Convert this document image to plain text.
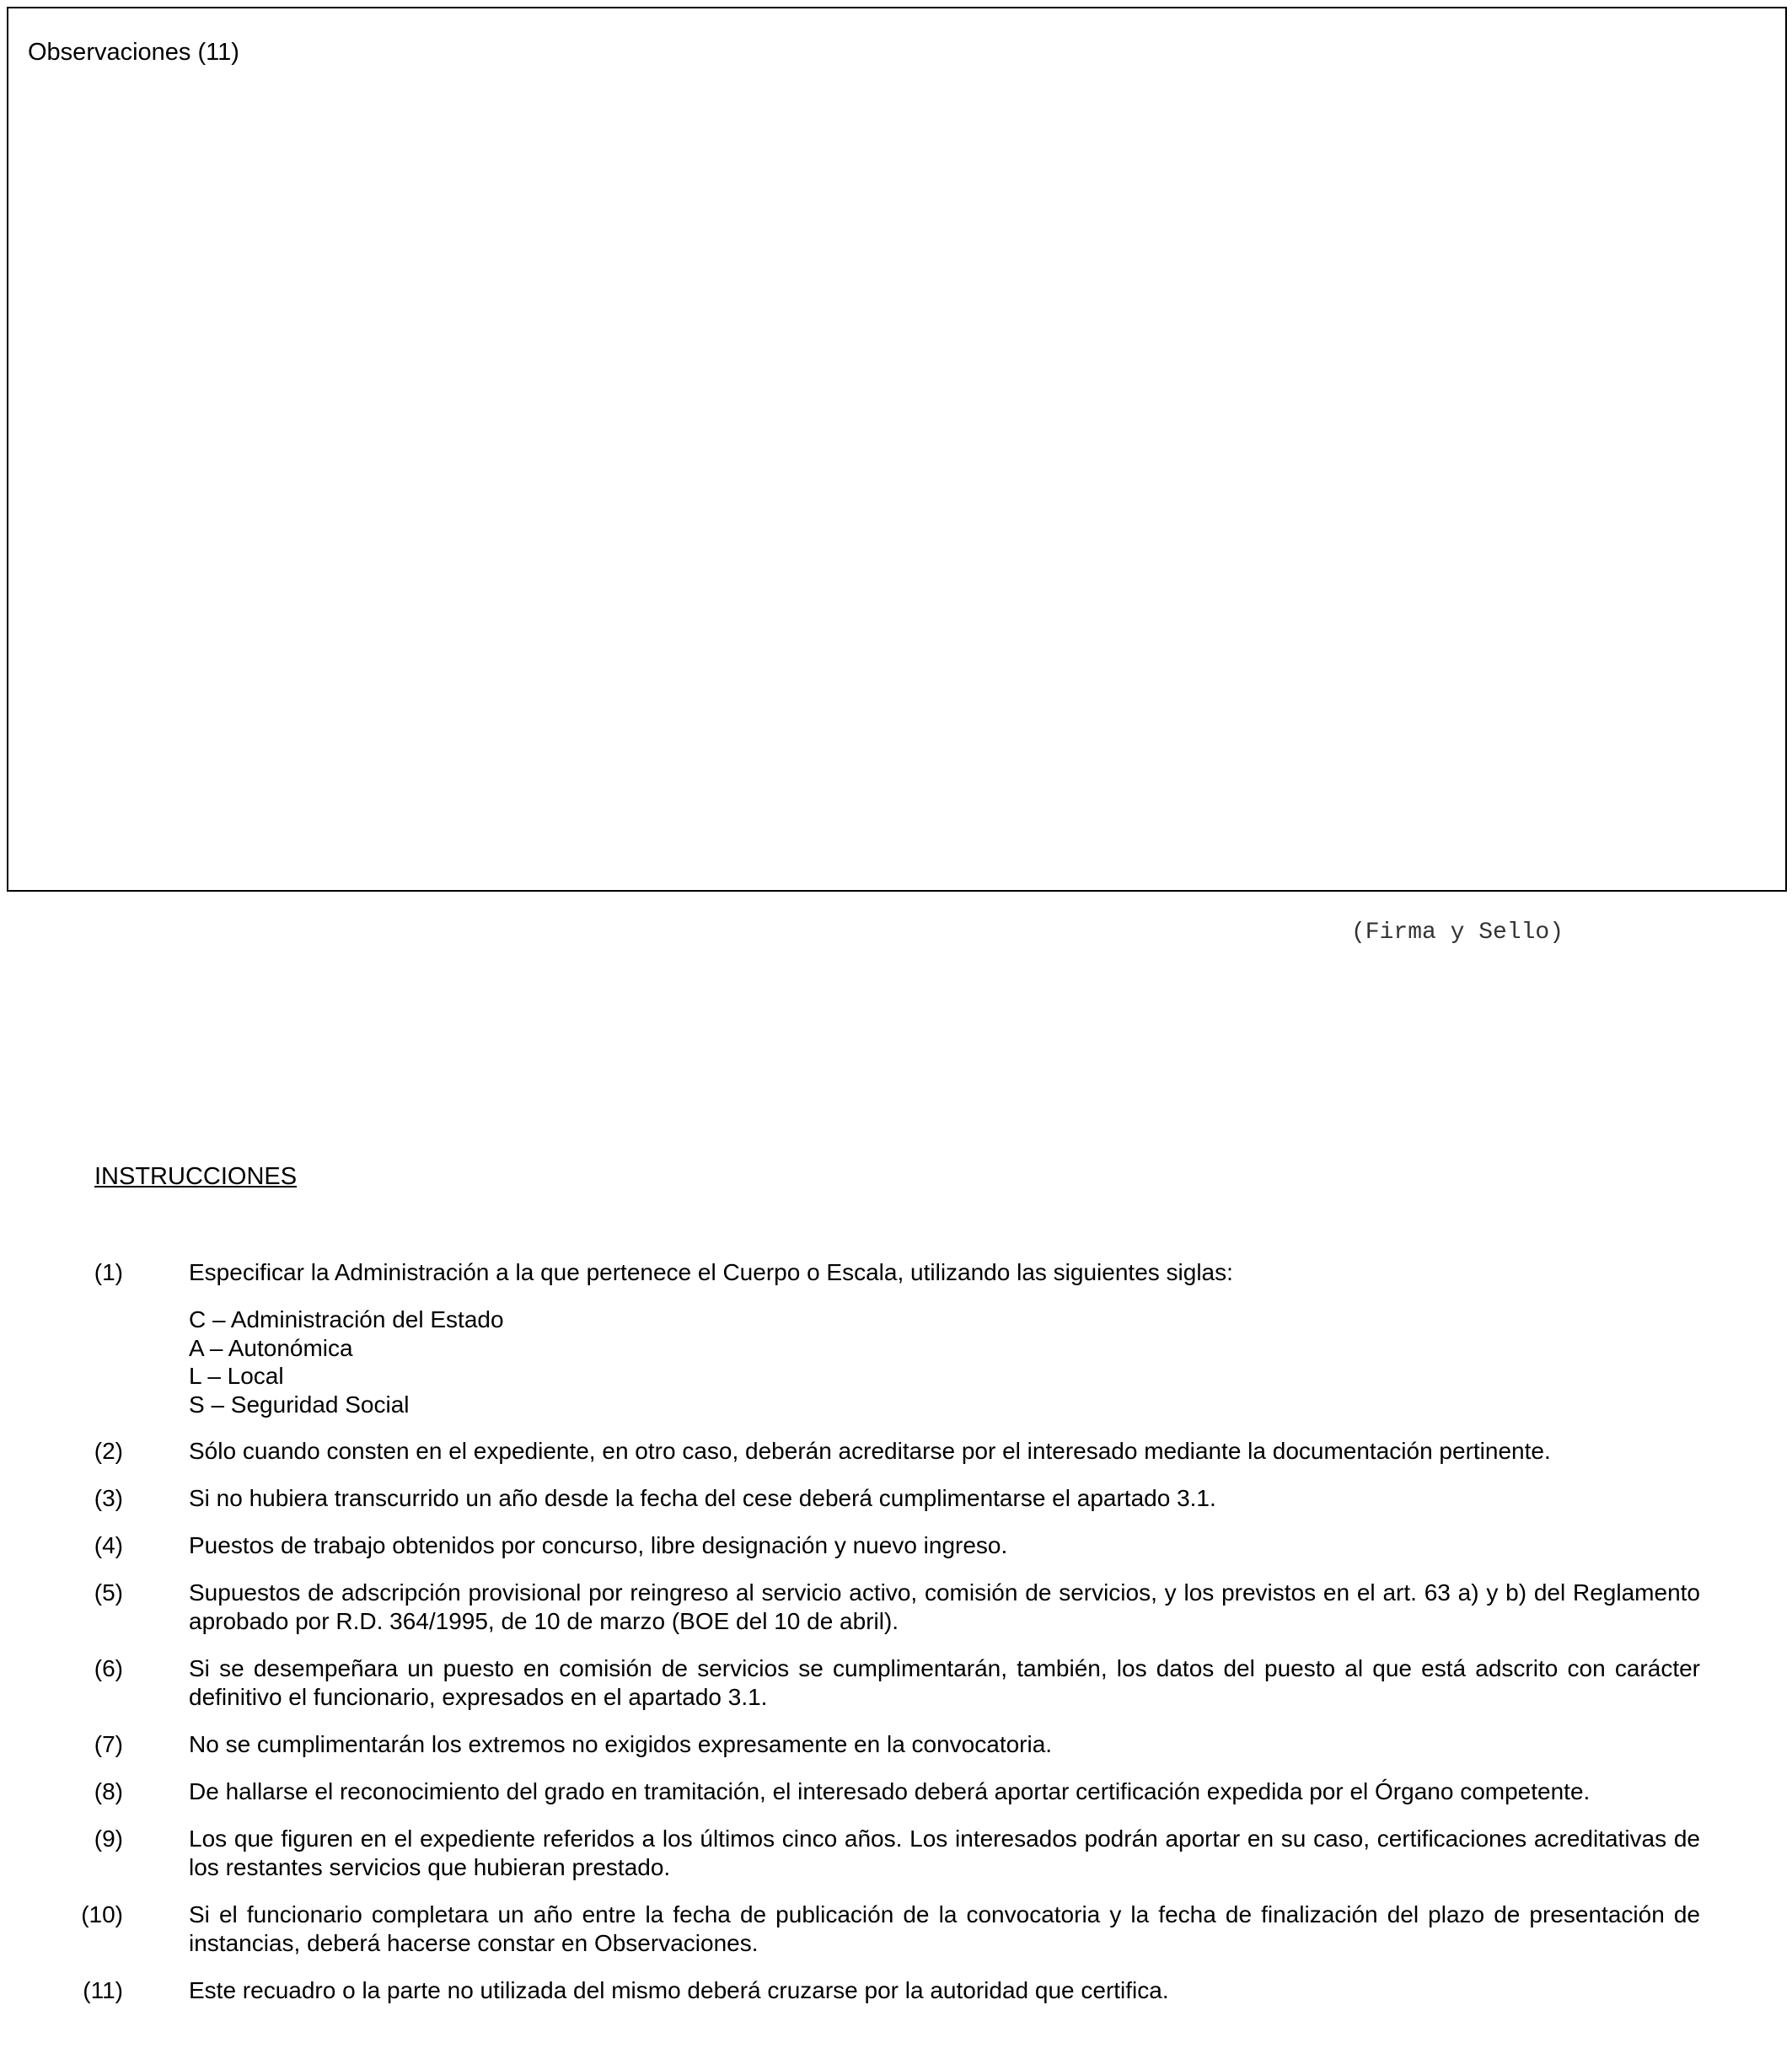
Observaciones (11)
(Firma y Sello)
INSTRUCCIONES
(1)	Especificar la Administración a la que pertenece el Cuerpo o Escala, utilizando las siguientes siglas:
C – Administración del Estado
A – Autonómica
L – Local
S – Seguridad Social
(2)	Sólo cuando consten en el expediente, en otro caso, deberán acreditarse por el interesado mediante la documentación pertinente.
(3)	Si no hubiera transcurrido un año desde la fecha del cese deberá cumplimentarse el apartado 3.1.
(4)	Puestos de trabajo obtenidos por concurso, libre designación y nuevo ingreso.
(5)	Supuestos de adscripción provisional por reingreso al servicio activo, comisión de servicios, y los previstos en el art. 63 a) y b) del Reglamento aprobado por R.D. 364/1995, de 10 de marzo (BOE del 10 de abril).
(6)	Si se desempeñara un puesto en comisión de servicios se cumplimentarán, también, los datos del puesto al que está adscrito con carácter definitivo el funcionario, expresados en el apartado 3.1.
(7)	No se cumplimentarán los extremos no exigidos expresamente en la convocatoria.
(8)	De hallarse el reconocimiento del grado en tramitación, el interesado deberá aportar certificación expedida por el Órgano competente.
(9)	Los que figuren en el expediente referidos a los últimos cinco años. Los interesados podrán aportar en su caso, certificaciones acreditativas de los restantes servicios que hubieran prestado.
(10)	Si el funcionario completara un año entre la fecha de publicación de la convocatoria y la fecha de finalización del plazo de presentación de instancias, deberá hacerse constar en Observaciones.
(11)	Este recuadro o la parte no utilizada del mismo deberá cruzarse por la autoridad que certifica.
